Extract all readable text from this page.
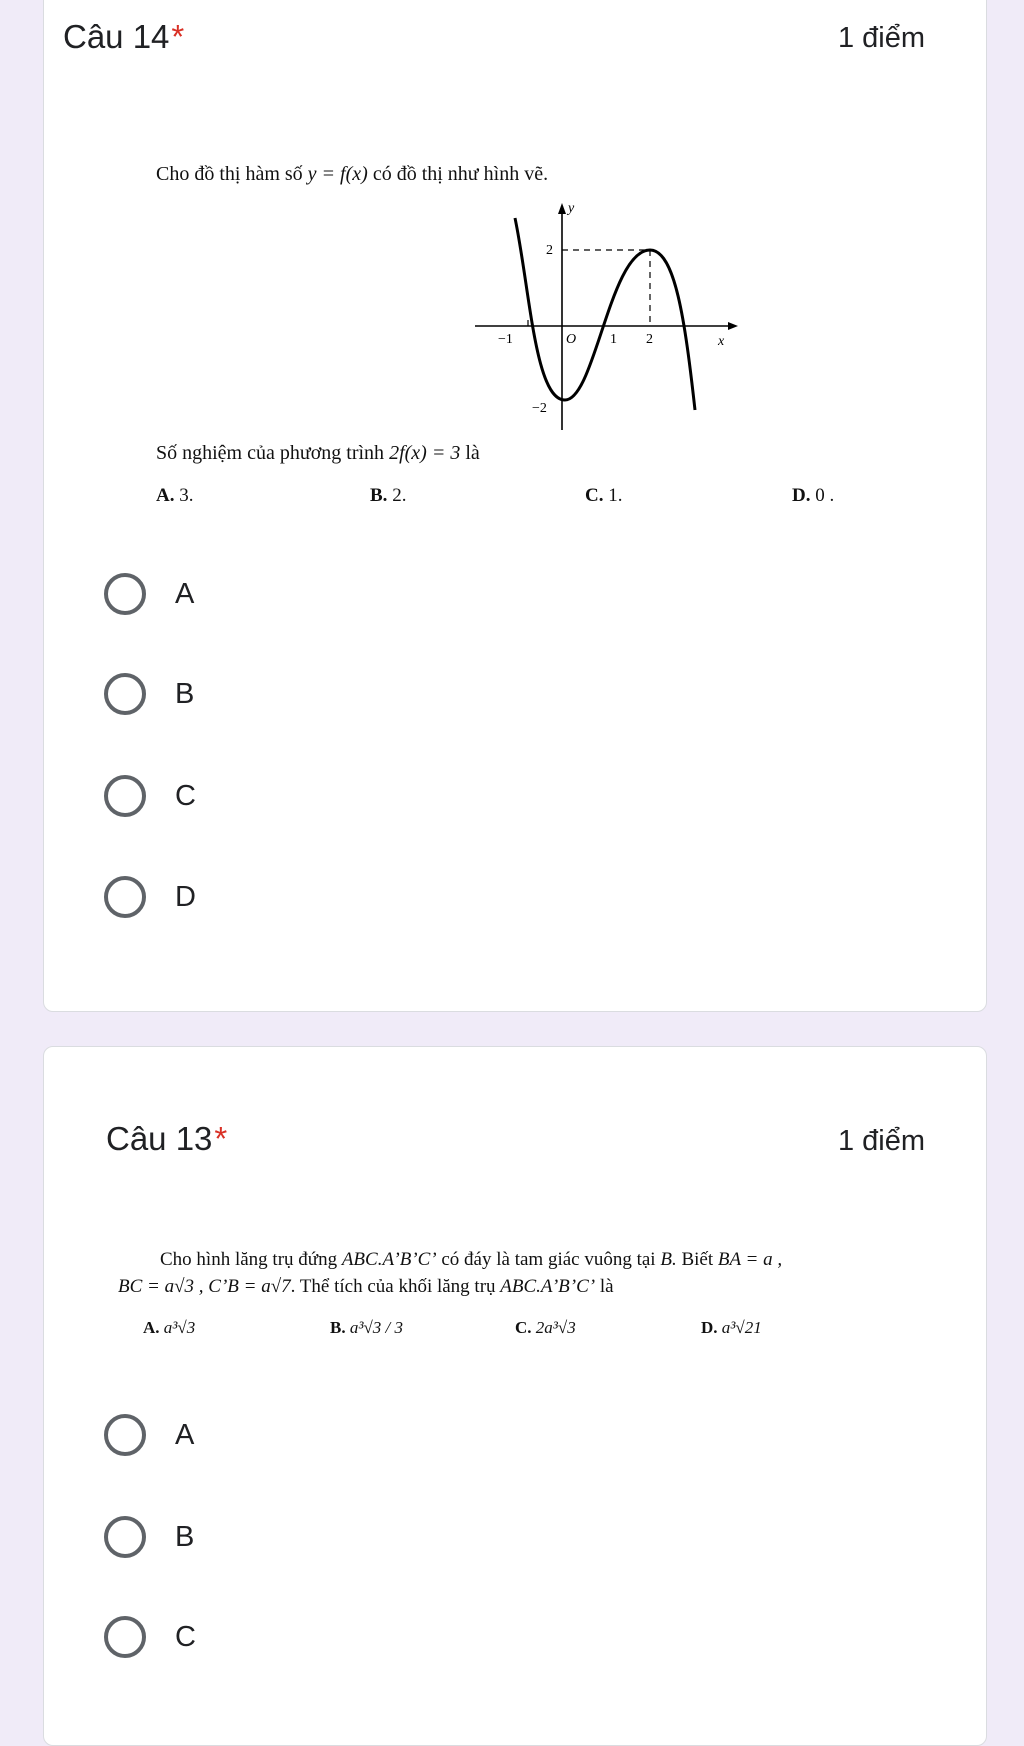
Câu 14*	1 điểm
Cho đồ thị hàm số y = f(x) có đồ thị như hình vẽ.
y
x
O
−1	1 2
2
−2
Số nghiệm của phương trình 2f(x) = 3 là
A. 3.	B. 2.	C. 1.	D. 0 .
A
B
C
D
Câu 13*	1 điểm
Cho hình lăng trụ đứng ABC.A’B’C’ có đáy là tam giác vuông tại B. Biết BA = a ,
BC = a√3 , C’B = a√7. Thể tích của khối lăng trụ ABC.A’B’C’ là
A. a³√3	B. a³√3 / 3	C. 2a³√3	D. a³√21
A
B
C
